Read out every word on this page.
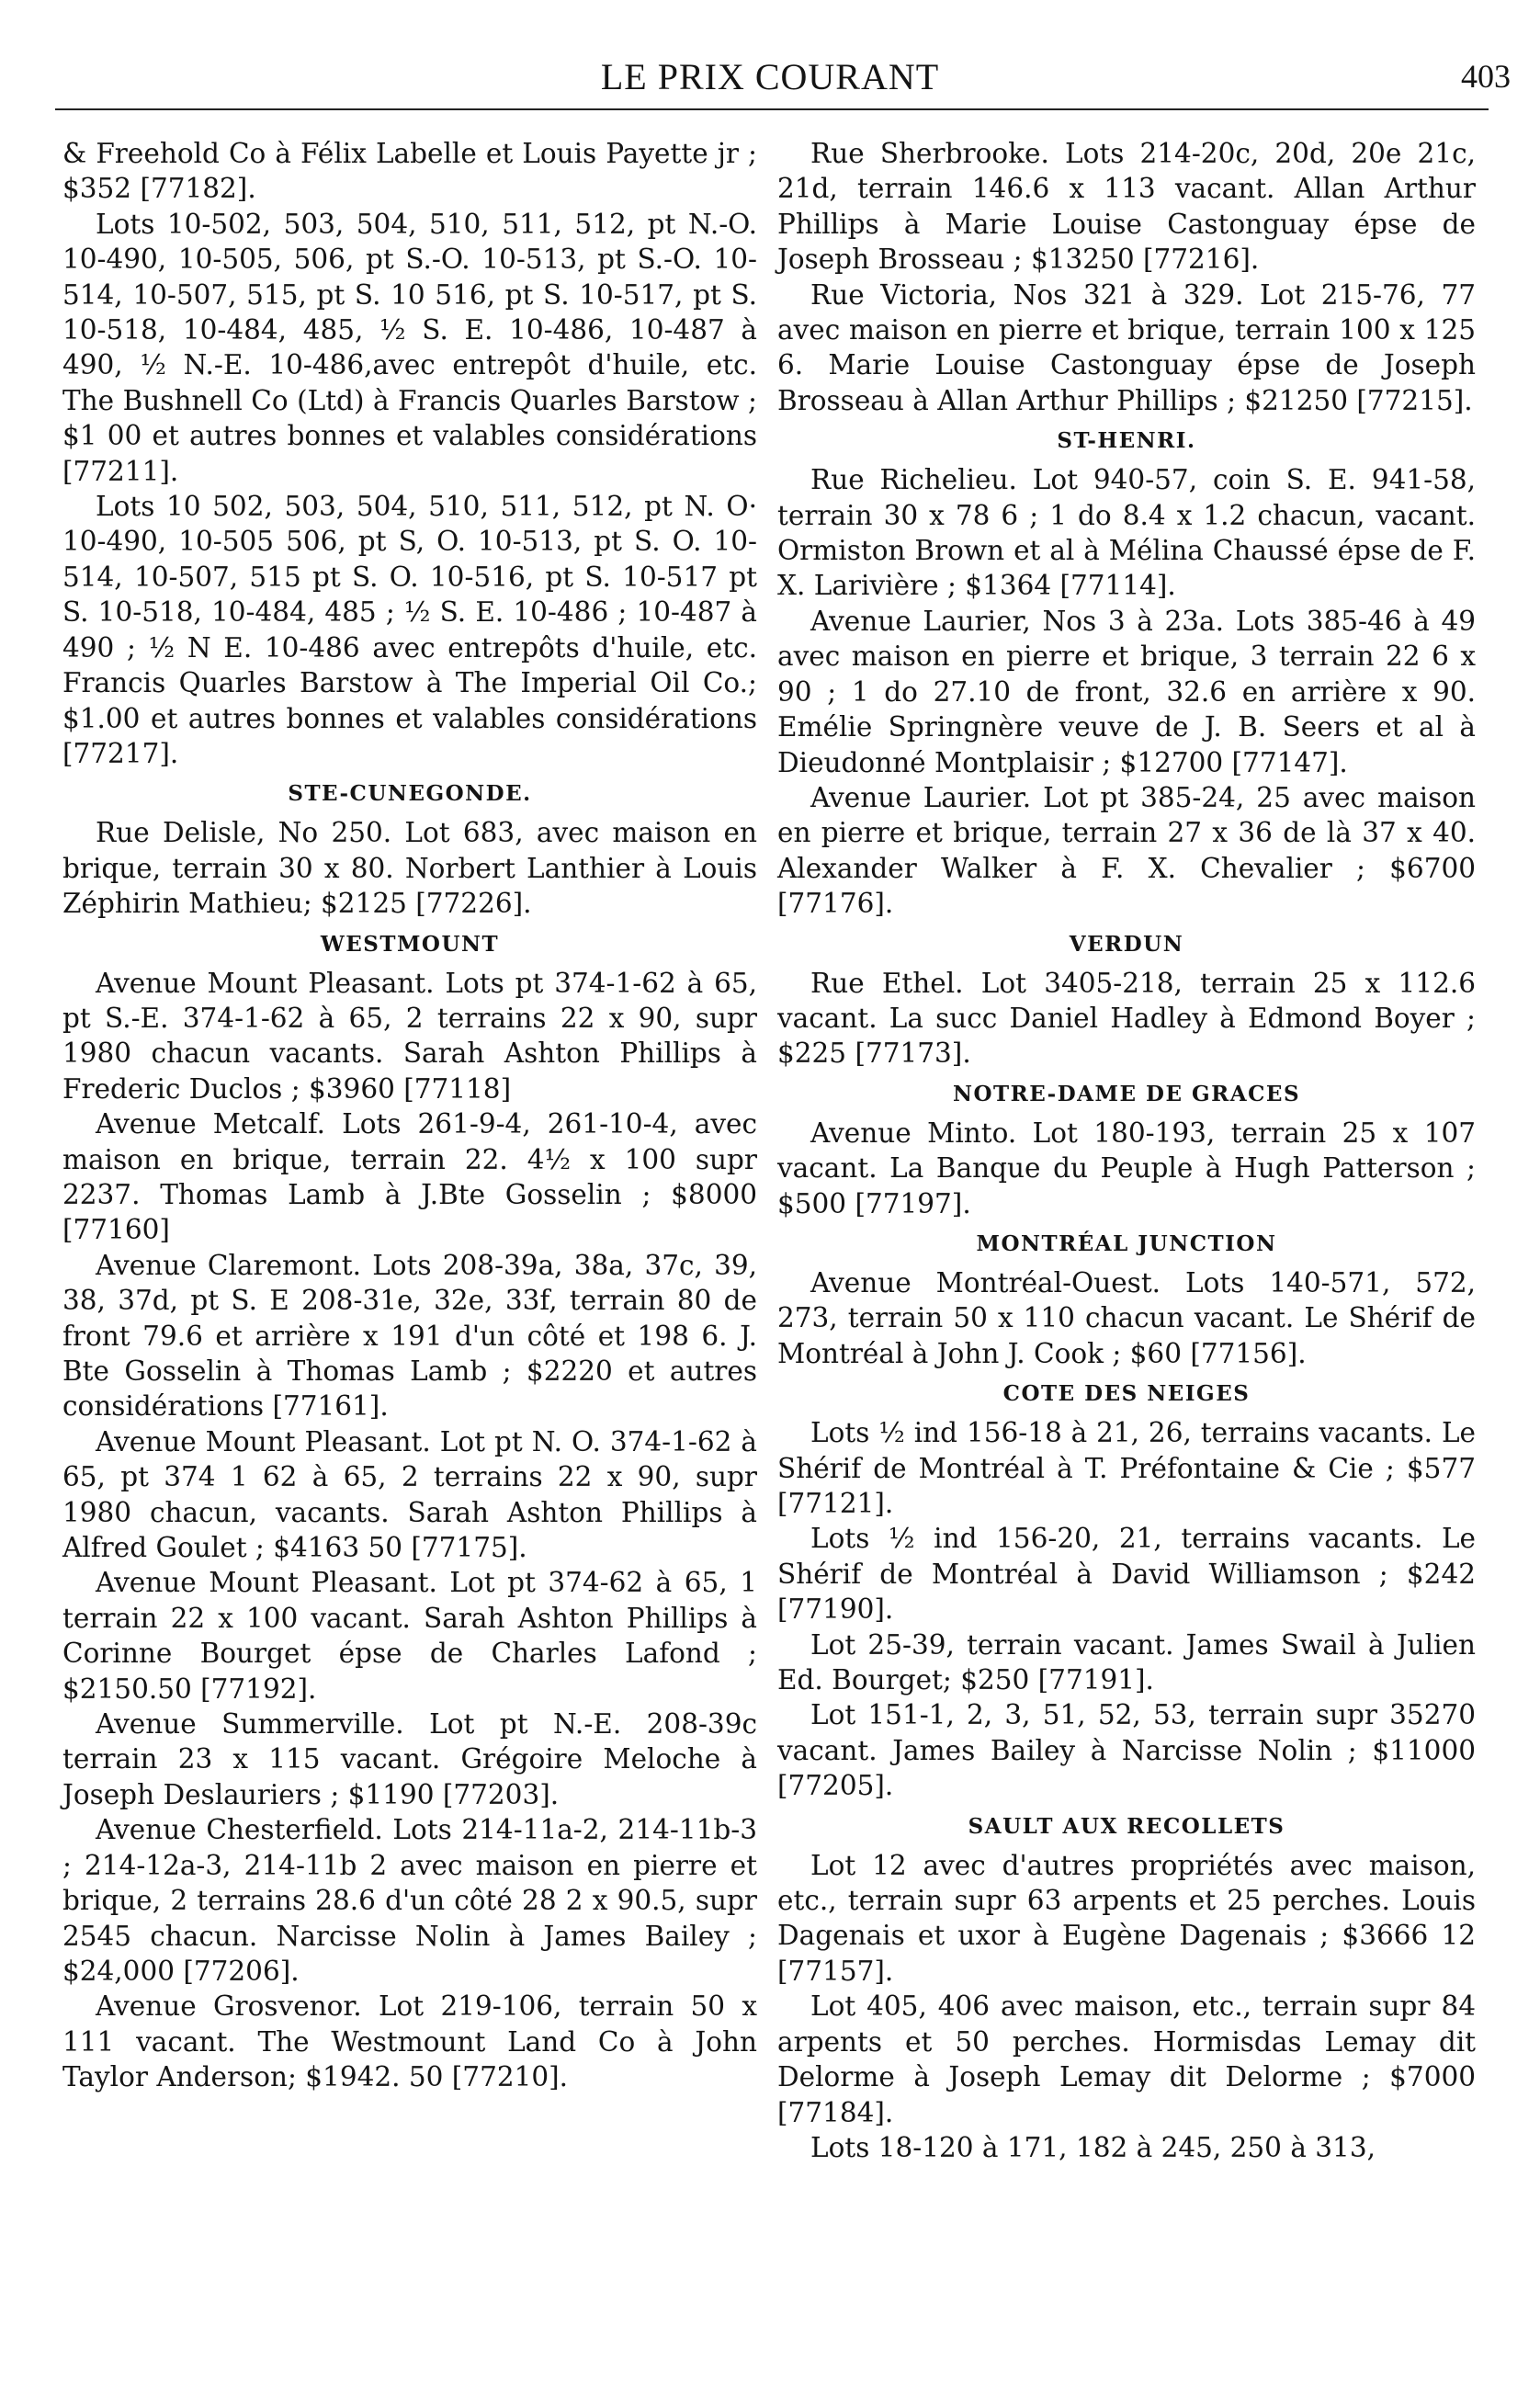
LE PRIX COURANT	403

& Freehold Co à Félix Labelle et Louis Payette jr ; $352 [77182].

Lots 10-502, 503, 504, 510, 511, 512, pt N.-O. 10-490, 10-505, 506, pt S.-O. 10-513, pt S.-O. 10-514, 10-507, 515, pt S. 10 516, pt S. 10-517, pt S. 10-518, 10-484, 485, ½ S. E. 10-486, 10-487 à 490, ½ N.-E. 10-486,avec entrepôt d'huile, etc. The Bushnell Co (Ltd) à Francis Quarles Barstow ; $1 00 et autres bonnes et valables considérations [77211].

Lots 10 502, 503, 504, 510, 511, 512, pt N. O· 10-490, 10-505 506, pt S, O. 10-513, pt S. O. 10-514, 10-507, 515 pt S. O. 10-516, pt S. 10-517 pt S. 10-518, 10-484, 485 ; ½ S. E. 10-486 ; 10-487 à 490 ; ½ N E. 10-486 avec entrepôts d'huile, etc. Francis Quarles Barstow à The Imperial Oil Co.; $1.00 et autres bonnes et valables considérations [77217].

STE-CUNEGONDE.

Rue Delisle, No 250. Lot 683, avec maison en brique, terrain 30 x 80. Norbert Lanthier à Louis Zéphirin Mathieu; $2125 [77226].

WESTMOUNT

Avenue Mount Pleasant. Lots pt 374-1-62 à 65, pt S.-E. 374-1-62 à 65, 2 terrains 22 x 90, supr 1980 chacun vacants. Sarah Ashton Phillips à Frederic Duclos ; $3960 [77118]

Avenue Metcalf. Lots 261-9-4, 261-10-4, avec maison en brique, terrain 22. 4½ x 100 supr 2237. Thomas Lamb à J.Bte Gosselin ; $8000 [77160]

Avenue Claremont. Lots 208-39a, 38a, 37c, 39, 38, 37d, pt S. E 208-31e, 32e, 33f, terrain 80 de front 79.6 et arrière x 191 d'un côté et 198 6. J. Bte Gosselin à Thomas Lamb ; $2220 et autres considérations [77161].

Avenue Mount Pleasant. Lot pt N. O. 374-1-62 à 65, pt 374 1 62 à 65, 2 terrains 22 x 90, supr 1980 chacun, vacants. Sarah Ashton Phillips à Alfred Goulet ; $4163 50 [77175].

Avenue Mount Pleasant. Lot pt 374-62 à 65, 1 terrain 22 x 100 vacant. Sarah Ashton Phillips à Corinne Bourget épse de Charles Lafond ; $2150.50 [77192].

Avenue Summerville. Lot pt N.-E. 208-39c terrain 23 x 115 vacant. Grégoire Meloche à Joseph Deslauriers ; $1190 [77203].

Avenue Chesterfield. Lots 214-11a-2, 214-11b-3 ; 214-12a-3, 214-11b 2 avec maison en pierre et brique, 2 terrains 28.6 d'un côté 28 2 x 90.5, supr 2545 chacun. Narcisse Nolin à James Bailey ; $24,000 [77206].

Avenue Grosvenor. Lot 219-106, terrain 50 x 111 vacant. The Westmount Land Co à John Taylor Anderson; $1942. 50 [77210].

Rue Sherbrooke. Lots 214-20c, 20d, 20e 21c, 21d, terrain 146.6 x 113 vacant. Allan Arthur Phillips à Marie Louise Castonguay épse de Joseph Brosseau ; $13250 [77216].

Rue Victoria, Nos 321 à 329. Lot 215-76, 77 avec maison en pierre et brique, terrain 100 x 125 6. Marie Louise Castonguay épse de Joseph Brosseau à Allan Arthur Phillips ; $21250 [77215].

ST-HENRI.

Rue Richelieu. Lot 940-57, coin S. E. 941-58, terrain 30 x 78 6 ; 1 do 8.4 x 1.2 chacun, vacant. Ormiston Brown et al à Mélina Chaussé épse de F. X. Larivière ; $1364 [77114].

Avenue Laurier, Nos 3 à 23a. Lots 385-46 à 49 avec maison en pierre et brique, 3 terrain 22 6 x 90 ; 1 do 27.10 de front, 32.6 en arrière x 90. Emélie Springnère veuve de J. B. Seers et al à Dieudonné Montplaisir ; $12700 [77147].

Avenue Laurier. Lot pt 385-24, 25 avec maison en pierre et brique, terrain 27 x 36 de là 37 x 40. Alexander Walker à F. X. Chevalier ; $6700 [77176].

VERDUN

Rue Ethel. Lot 3405-218, terrain 25 x 112.6 vacant. La succ Daniel Hadley à Edmond Boyer ; $225 [77173].

NOTRE-DAME DE GRACES

Avenue Minto. Lot 180-193, terrain 25 x 107 vacant. La Banque du Peuple à Hugh Patterson ; $500 [77197].

MONTRÉAL JUNCTION

Avenue Montréal-Ouest. Lots 140-571, 572, 273, terrain 50 x 110 chacun vacant. Le Shérif de Montréal à John J. Cook ; $60 [77156].

COTE DES NEIGES

Lots ½ ind 156-18 à 21, 26, terrains vacants. Le Shérif de Montréal à T. Préfontaine & Cie ; $577 [77121].

Lots ½ ind 156-20, 21, terrains vacants. Le Shérif de Montréal à David Williamson ; $242 [77190].

Lot 25-39, terrain vacant. James Swail à Julien Ed. Bourget; $250 [77191].

Lot 151-1, 2, 3, 51, 52, 53, terrain supr 35270 vacant. James Bailey à Narcisse Nolin ; $11000 [77205].

SAULT AUX RECOLLETS

Lot 12 avec d'autres propriétés avec maison, etc., terrain supr 63 arpents et 25 perches. Louis Dagenais et uxor à Eugène Dagenais ; $3666 12 [77157].

Lot 405, 406 avec maison, etc., terrain supr 84 arpents et 50 perches. Hormisdas Lemay dit Delorme à Joseph Lemay dit Delorme ; $7000 [77184].

Lots 18-120 à 171, 182 à 245, 250 à 313,
